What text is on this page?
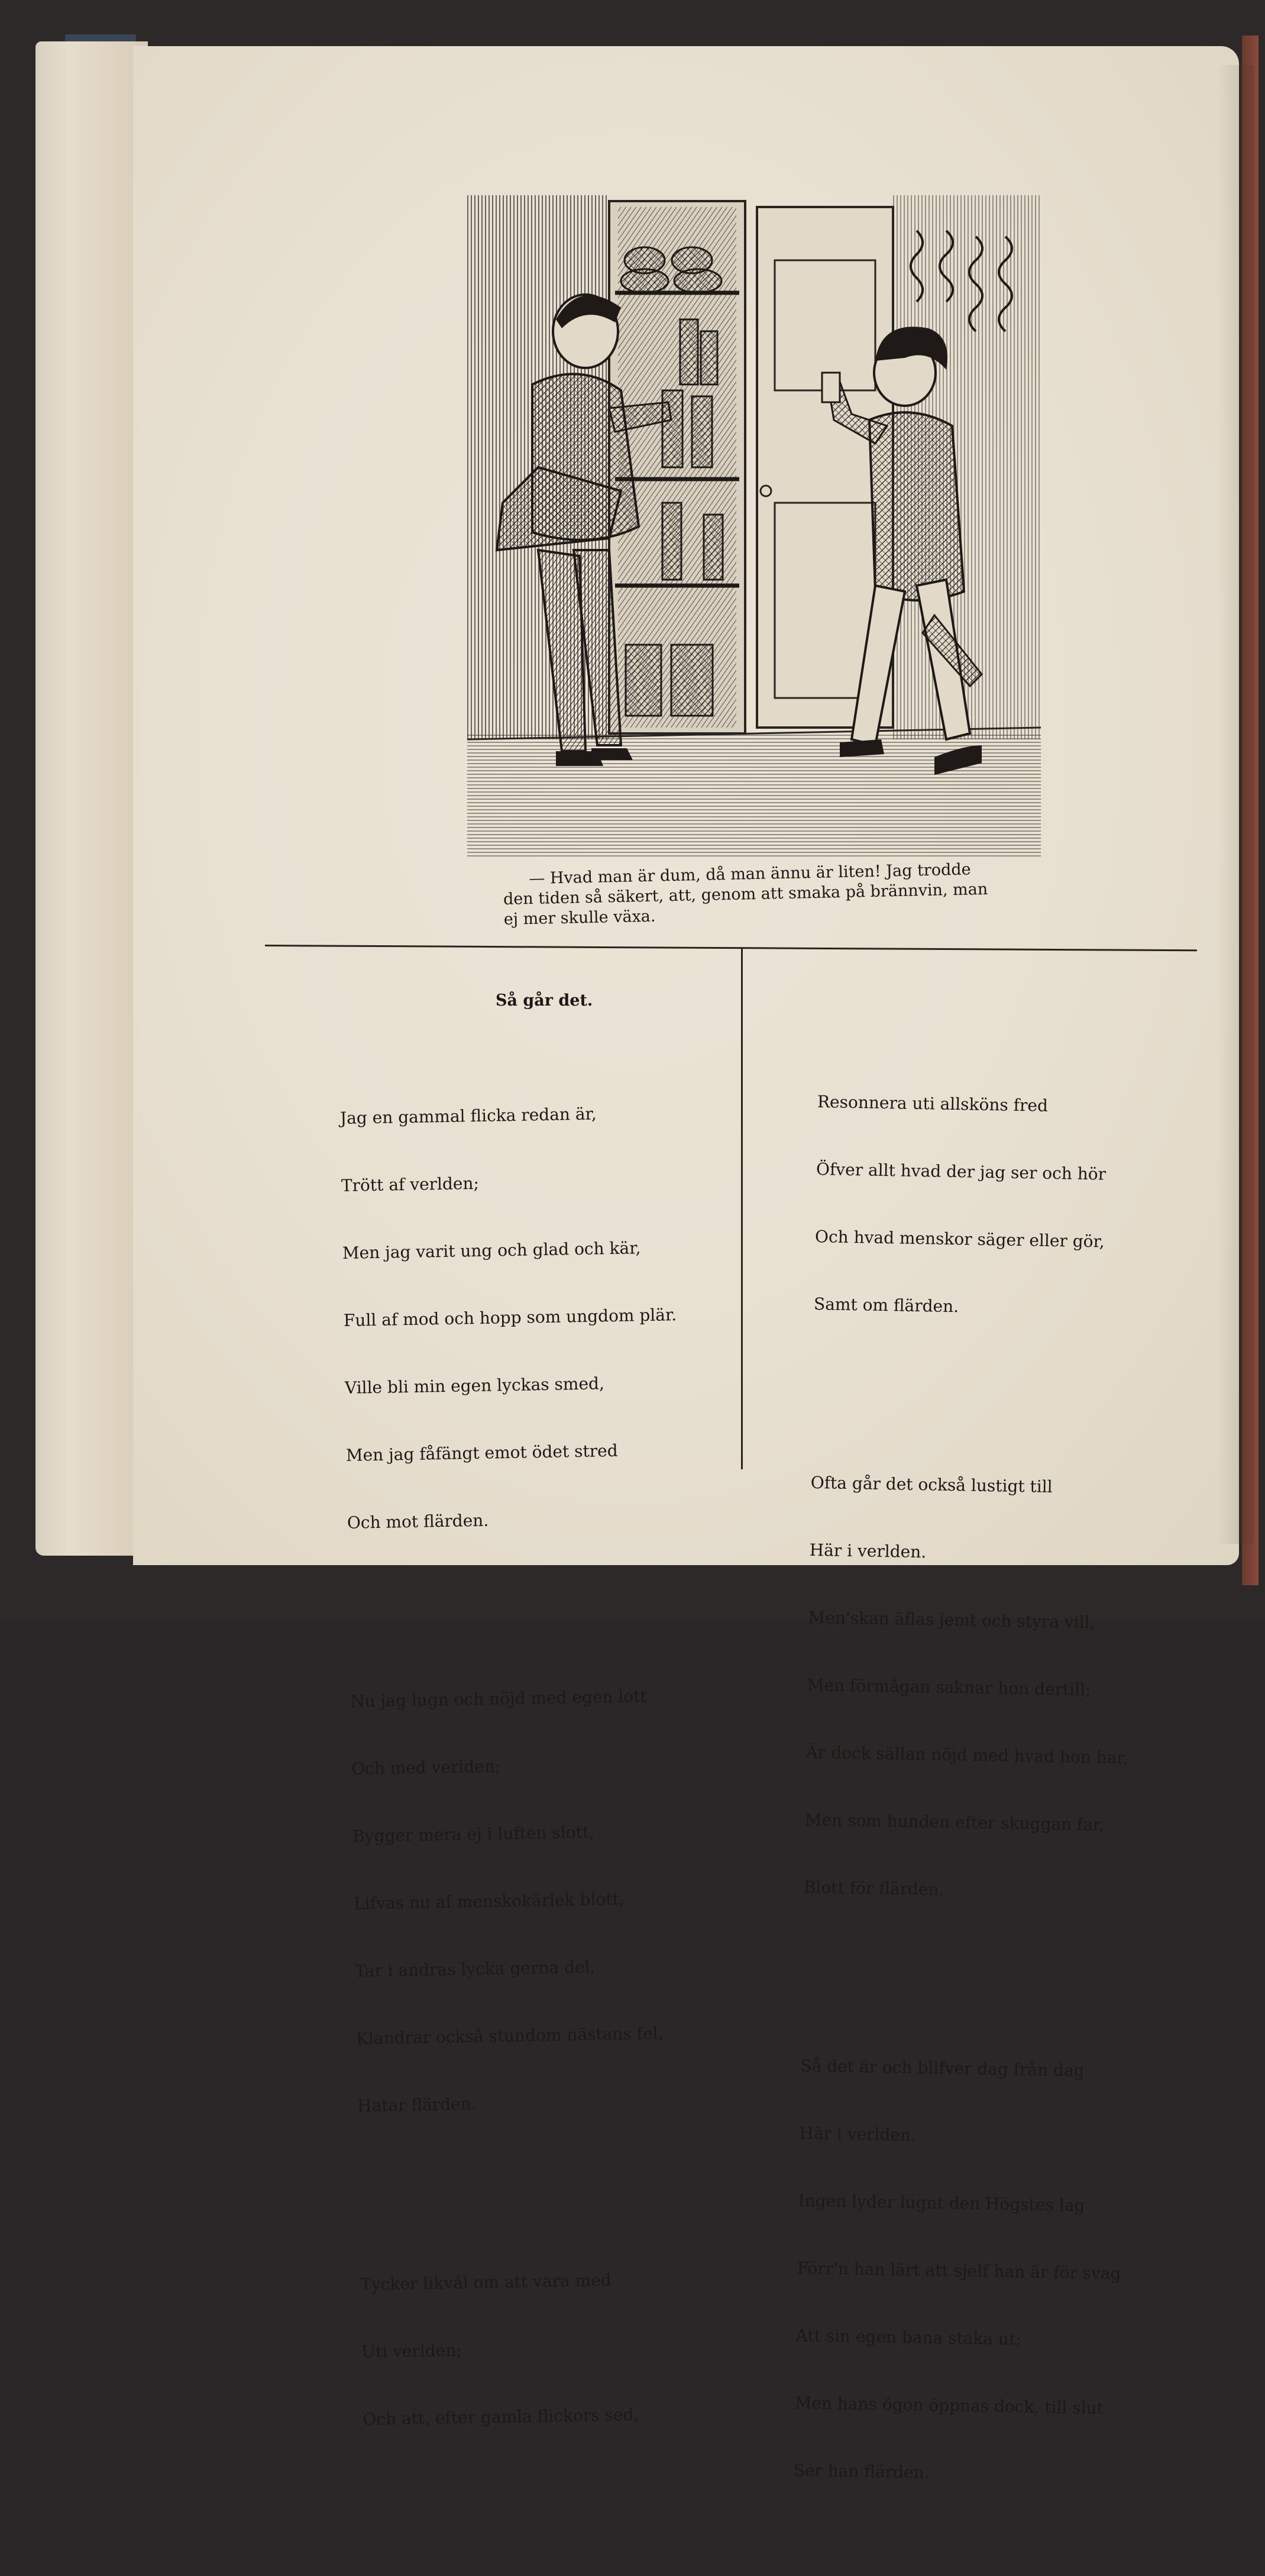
— Hvad man är dum, då man ännu är liten! Jag trodde den tiden så säkert, att, genom att smaka på brännvin, man ej mer skulle växa.
Så går det.

Jag en gammal flicka redan är,

Trött af verlden;

Men jag varit ung och glad och kär,

Full af mod och hopp som ungdom plär.

Ville bli min egen lyckas smed,

Men jag fåfängt emot ödet stred

Och mot flärden.

Nu jag lugn och nöjd med egen lott

Och med verlden;

Bygger mera ej i luften slott,

Lifvas nu af menskokärlek blott,

Tar i andras lycka gerna del,

Klandrar också stundom nästans fel,

Hatar flärden.

Tycker likväl om att vara med

Uti verlden;

Och att, efter gamla flickors sed,

Resonnera uti allsköns fred

Öfver allt hvad der jag ser och hör

Och hvad menskor säger eller gör,

Samt om flärden.

Ofta går det också lustigt till

Här i verlden.

Men'skan äflas jemt och styra vill,

Men förmågan saknar hon dertill;

Är dock sällan nöjd med hvad hon har,

Men som hunden efter skuggan far,

Blott för flärden.

Så det är och blifver dag från dag

Här i verlden.

Ingen lyder lugnt den Högstes lag

Förr'n han lärt att sjelf han är för svag

Att sin egen bana staka ut;

Men hans ögon öppnas dock, till slut

Ser han flärden.
